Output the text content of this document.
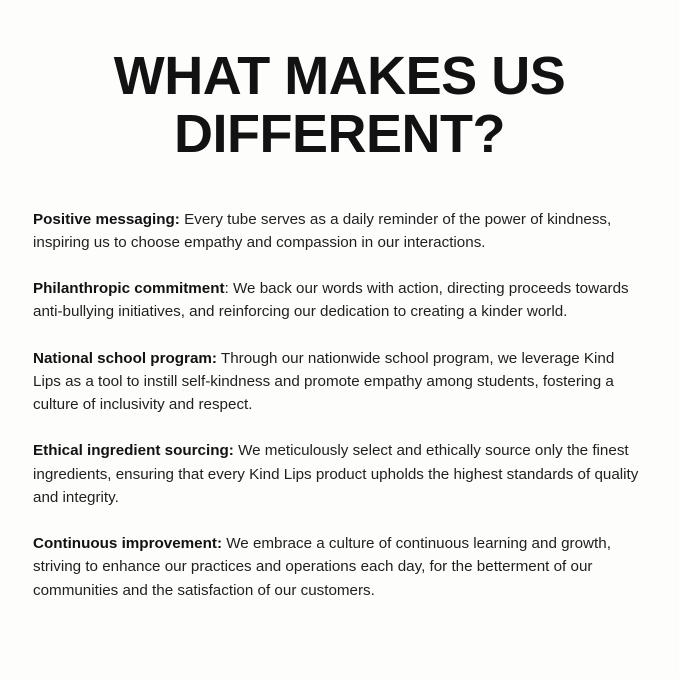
WHAT MAKES US
DIFFERENT?

Positive messaging: Every tube serves as a daily reminder of the power of kindness, inspiring us to choose empathy and compassion in our interactions.

Philanthropic commitment: We back our words with action, directing proceeds towards anti-bullying initiatives, and reinforcing our dedication to creating a kinder world.

National school program: Through our nationwide school program, we leverage Kind Lips as a tool to instill self-kindness and promote empathy among students, fostering a culture of inclusivity and respect.

Ethical ingredient sourcing: We meticulously select and ethically source only the finest ingredients, ensuring that every Kind Lips product upholds the highest standards of quality and integrity.

Continuous improvement: We embrace a culture of continuous learning and growth, striving to enhance our practices and operations each day, for the betterment of our communities and the satisfaction of our customers.
